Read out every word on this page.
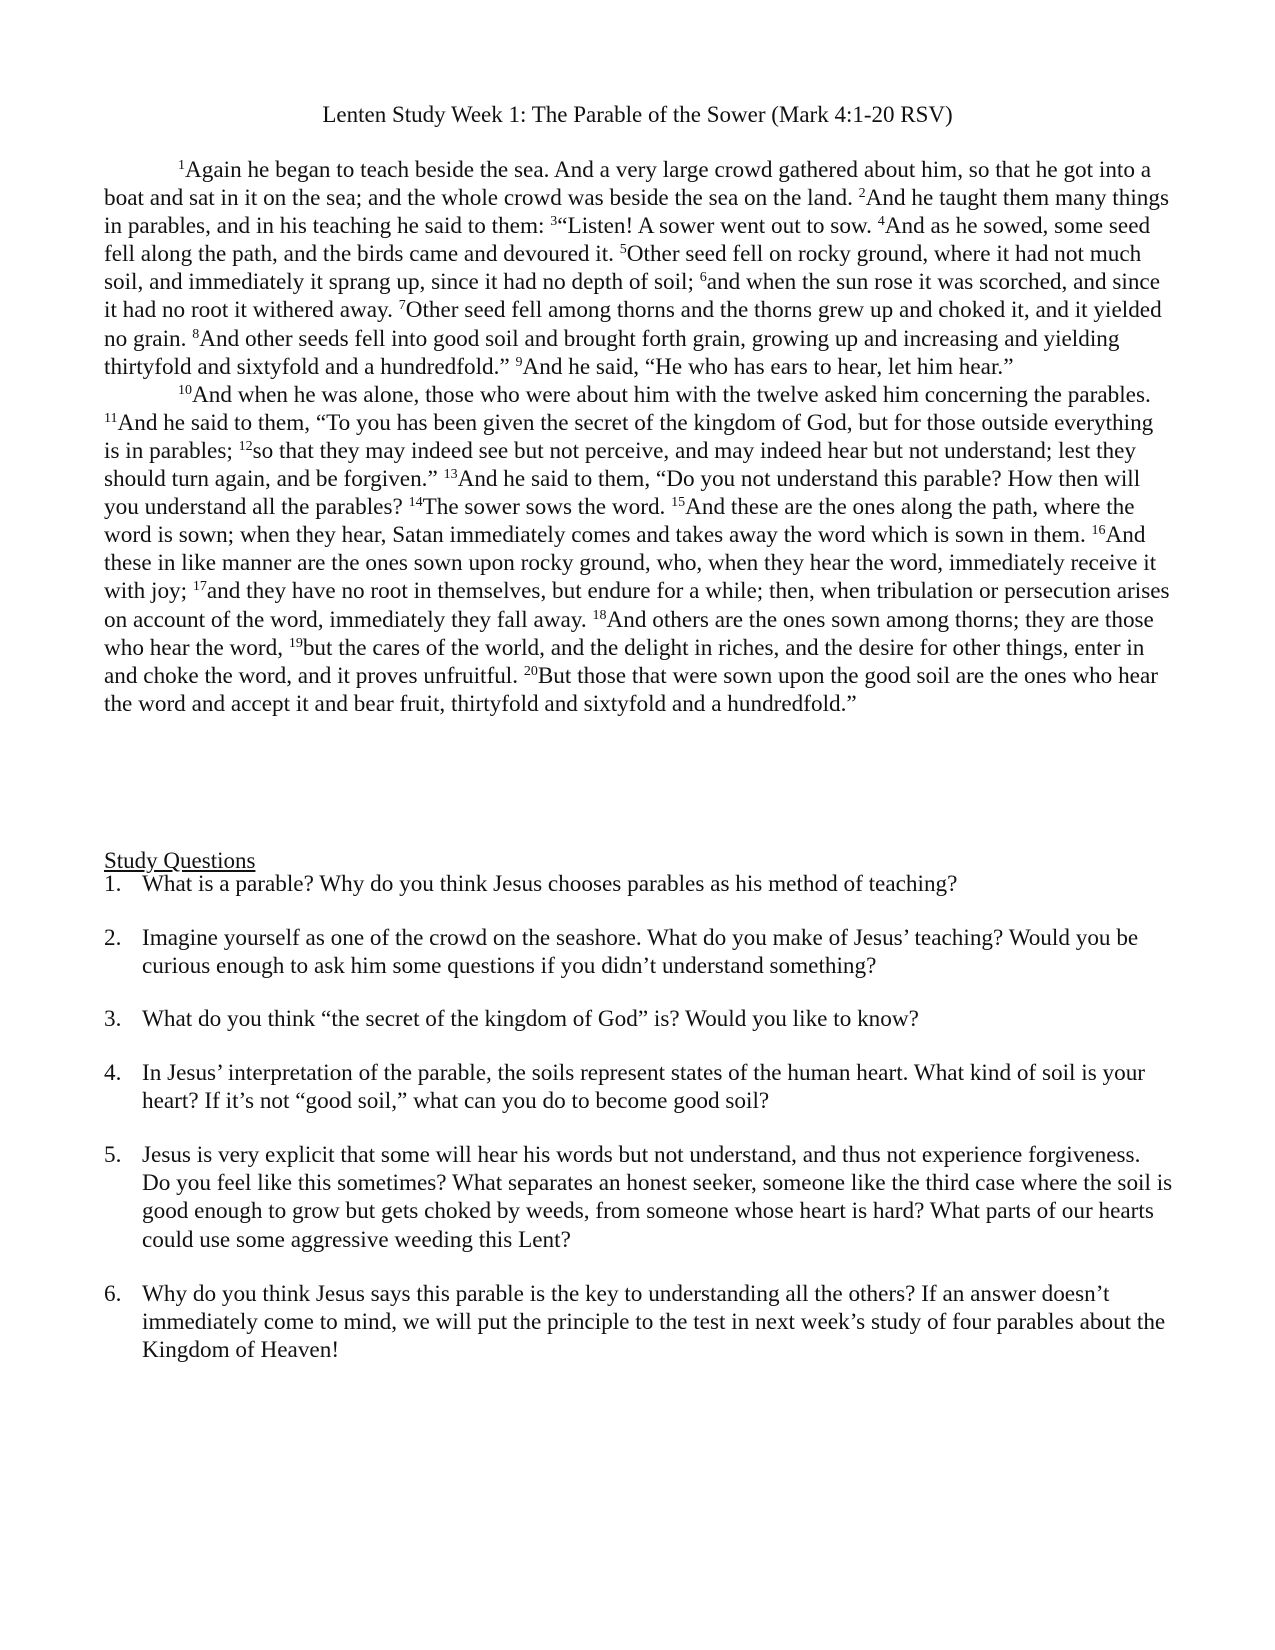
Lenten Study Week 1: The Parable of the Sower (Mark 4:1-20 RSV)

$^1$Again he began to teach beside the sea. And a very large crowd gathered about him, so that he got into a boat and sat in it on the sea; and the whole crowd was beside the sea on the land. $^2$And he taught them many things in parables, and in his teaching he said to them: $^3$“Listen! A sower went out to sow. $^4$And as he sowed, some seed fell along the path, and the birds came and devoured it. $^5$Other seed fell on rocky ground, where it had not much soil, and immediately it sprang up, since it had no depth of soil; $^6$and when the sun rose it was scorched, and since it had no root it withered away. $^7$Other seed fell among thorns and the thorns grew up and choked it, and it yielded no grain. $^8$And other seeds fell into good soil and brought forth grain, growing up and increasing and yielding thirtyfold and sixtyfold and a hundredfold.” $^9$And he said, “He who has ears to hear, let him hear.”

$^{10}$And when he was alone, those who were about him with the twelve asked him concerning the parables. $^{11}$And he said to them, “To you has been given the secret of the kingdom of God, but for those outside everything is in parables; $^{12}$so that they may indeed see but not perceive, and may indeed hear but not understand; lest they should turn again, and be forgiven.” $^{13}$And he said to them, “Do you not understand this parable? How then will you understand all the parables? $^{14}$The sower sows the word. $^{15}$And these are the ones along the path, where the word is sown; when they hear, Satan immediately comes and takes away the word which is sown in them. $^{16}$And these in like manner are the ones sown upon rocky ground, who, when they hear the word, immediately receive it with joy; $^{17}$and they have no root in themselves, but endure for a while; then, when tribulation or persecution arises on account of the word, immediately they fall away. $^{18}$And others are the ones sown among thorns; they are those who hear the word, $^{19}$but the cares of the world, and the delight in riches, and the desire for other things, enter in and choke the word, and it proves unfruitful. $^{20}$But those that were sown upon the good soil are the ones who hear the word and accept it and bear fruit, thirtyfold and sixtyfold and a hundredfold.”

Study Questions
1. What is a parable? Why do you think Jesus chooses parables as his method of teaching?
2. Imagine yourself as one of the crowd on the seashore. What do you make of Jesus’ teaching? Would you be curious enough to ask him some questions if you didn’t understand something?
3. What do you think “the secret of the kingdom of God” is? Would you like to know?
4. In Jesus’ interpretation of the parable, the soils represent states of the human heart. What kind of soil is your heart? If it’s not “good soil,” what can you do to become good soil?
5. Jesus is very explicit that some will hear his words but not understand, and thus not experience forgiveness. Do you feel like this sometimes? What separates an honest seeker, someone like the third case where the soil is good enough to grow but gets choked by weeds, from someone whose heart is hard? What parts of our hearts could use some aggressive weeding this Lent?
6. Why do you think Jesus says this parable is the key to understanding all the others? If an answer doesn’t immediately come to mind, we will put the principle to the test in next week’s study of four parables about the Kingdom of Heaven!
